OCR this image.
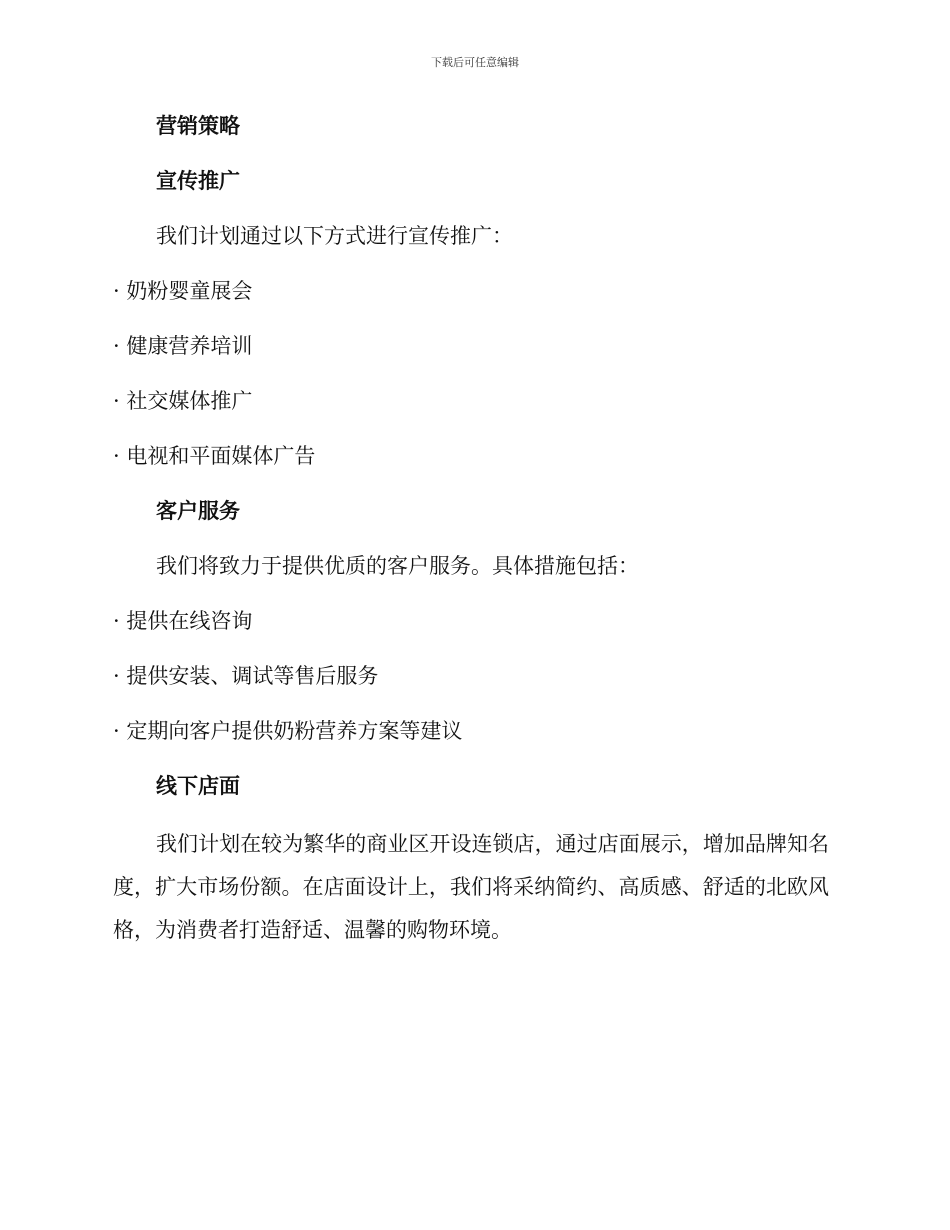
下载后可任意编辑
营销策略
宣传推广
我们计划通过以下方式进行宣传推广：
· 奶粉婴童展会
· 健康营养培训
· 社交媒体推广
· 电视和平面媒体广告
客户服务
我们将致力于提供优质的客户服务。具体措施包括：
· 提供在线咨询
· 提供安装、调试等售后服务
· 定期向客户提供奶粉营养方案等建议
线下店面

我们计划在较为繁华的商业区开设连锁店，通过店面展示，增加品牌知名度，扩大市场份额。在店面设计上，我们将采纳简约、高质感、舒适的北欧风格，为消费者打造舒适、温馨的购物环境。
